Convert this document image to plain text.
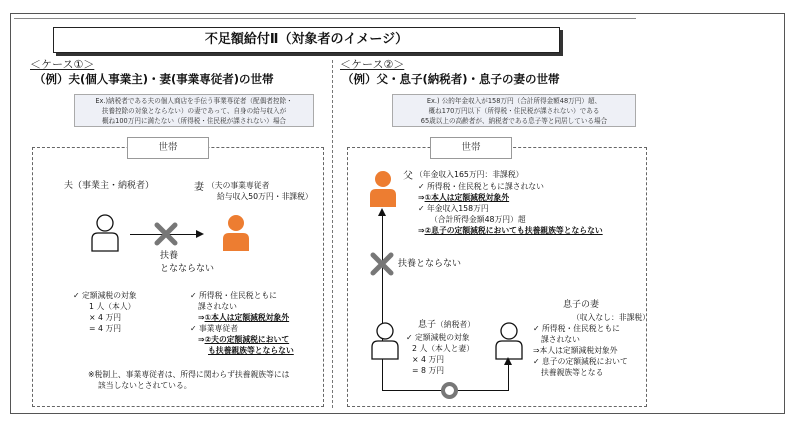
不足額給付Ⅱ（対象者のイメージ）
＜ケース①＞
（例）夫(個人事業主)・妻(事業専従者)の世帯
Ex.)納税者である夫の個人商店を手伝う事業専従者（配偶者控除・
扶養控除の対象とならない）の妻であって、自身の給与収入が
概ね100万円に満たない（所得税・住民税が課されない）場合
世帯
夫（事業主・納税者）
扶養
となならない
妻 （夫の事業専従者
給与収入50万円・非課税）
✓ 定額減税の対象
1 人（本人）
× 4 万円
= 4 万円
✓ 所得税・住民税ともに
課されない
⇒①本人は定額減税対象外
✓ 事業専従者
⇒②夫の定額減税において
も扶養親族等とならない
※税制上、事業専従者は、所得に関わらず扶養親族等には
該当しないとされている。
＜ケース②＞
（例）父・息子(納税者)・息子の妻の世帯
Ex.) 公的年金収入が158万円（合計所得金額48万円）超、
概ね170万円以下（所得税・住民税が課されない）である
65歳以上の高齢者が、納税者である息子等と同居している場合
世帯
父 （年金収入165万円：非課税）
✓ 所得税・住民税ともに課されない
⇒①本人は定額減税対象外
✓ 年金収入158万円
（合計所得金額48万円）超
⇒②息子の定額減税においても扶養親族等とならない
扶養とならない
息子（納税者）
✓ 定額減税の対象
2 人（本人と妻）
× 4 万円
= 8 万円
息子の妻
（収入なし：非課税）
✓ 所得税・住民税ともに
課されない
⇒本人は定額減税対象外
✓ 息子の定額減税において
扶養親族等となる
